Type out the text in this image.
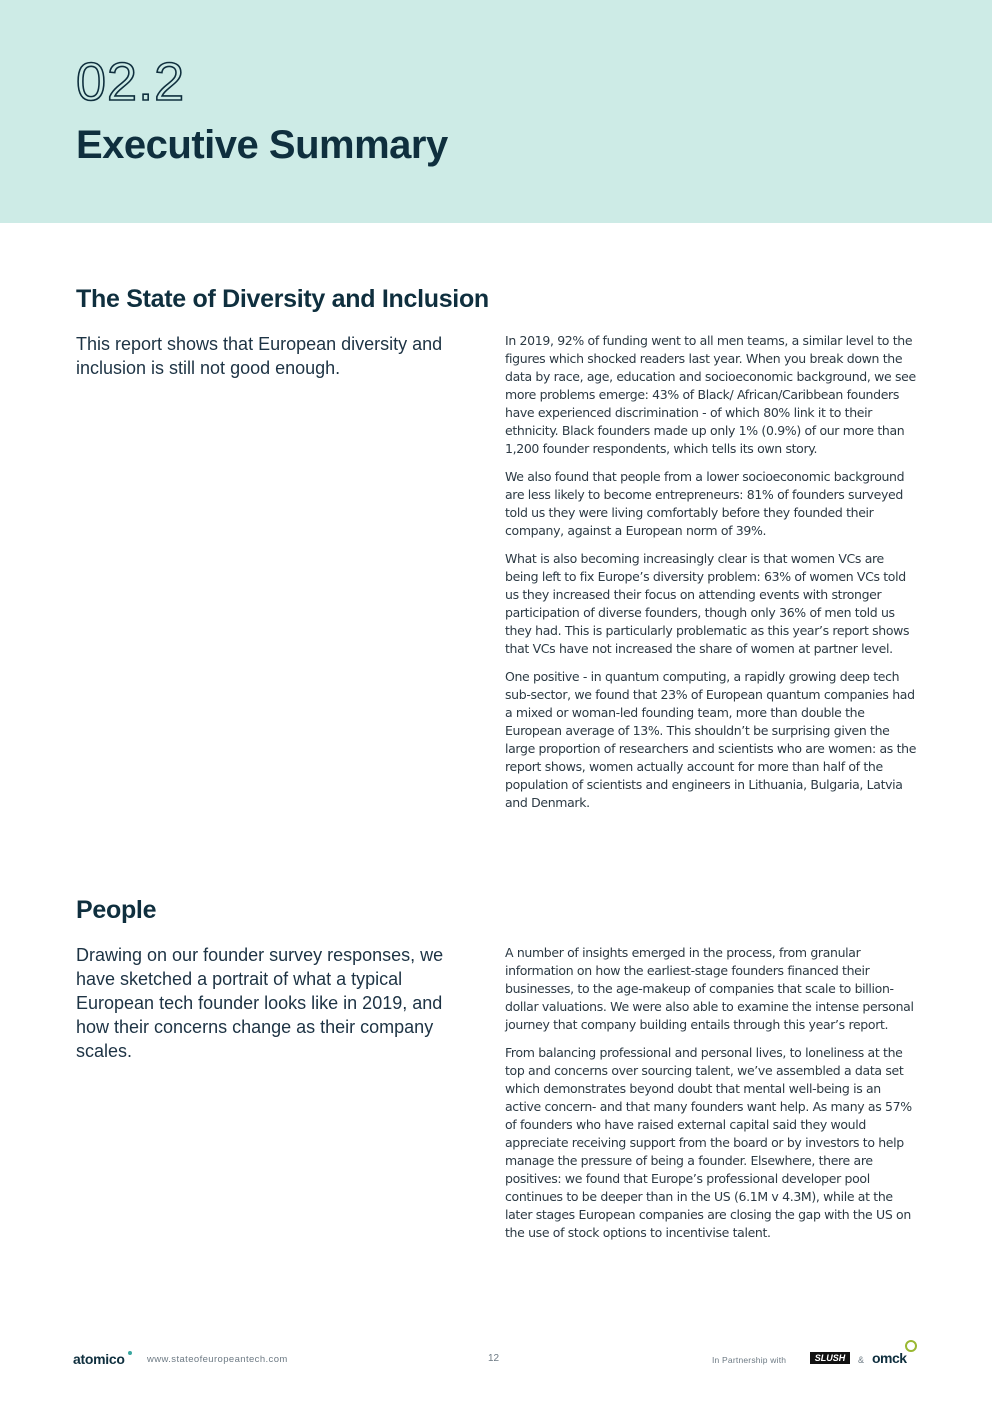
02.2
Executive Summary
The State of Diversity and Inclusion

This report shows that European diversity and inclusion is still not good enough.

In 2019, 92% of funding went to all men teams, a similar level to the figures which shocked readers last year. When you break down the data by race, age, education and socioeconomic background, we see more problems emerge: 43% of Black/ African/Caribbean founders have experienced discrimination - of which 80% link it to their ethnicity. Black founders made up only 1% (0.9%) of our more than 1,200 founder respondents, which tells its own story.

We also found that people from a lower socioeconomic background are less likely to become entrepreneurs: 81% of founders surveyed told us they were living comfortably before they founded their company, against a European norm of 39%.

What is also becoming increasingly clear is that women VCs are being left to fix Europe’s diversity problem: 63% of women VCs told us they increased their focus on attending events with stronger participation of diverse founders, though only 36% of men told us they had. This is particularly problematic as this year’s report shows that VCs have not increased the share of women at partner level.

One positive - in quantum computing, a rapidly growing deep tech sub-sector, we found that 23% of European quantum companies had a mixed or woman-led founding team, more than double the European average of 13%. This shouldn’t be surprising given the large proportion of researchers and scientists who are women: as the report shows, women actually account for more than half of the population of scientists and engineers in Lithuania, Bulgaria, Latvia and Denmark.

People

Drawing on our founder survey responses, we have sketched a portrait of what a typical European tech founder looks like in 2019, and how their concerns change as their company scales.

A number of insights emerged in the process, from granular information on how the earliest-stage founders financed their businesses, to the age-makeup of companies that scale to billion-dollar valuations. We were also able to examine the intense personal journey that company building entails through this year’s report.

From balancing professional and personal lives, to loneliness at the top and concerns over sourcing talent, we’ve assembled a data set which demonstrates beyond doubt that mental well-being is an active concern- and that many founders want help. As many as 57% of founders who have raised external capital said they would appreciate receiving support from the board or by investors to help manage the pressure of being a founder. Elsewhere, there are positives: we found that Europe’s professional developer pool continues to be deeper than in the US (6.1M v 4.3M), while at the later stages European companies are closing the gap with the US on the use of stock options to incentivise talent.

atomico www.stateofeuropeantech.com	12	In Partnership with	SLUSH	& omck
